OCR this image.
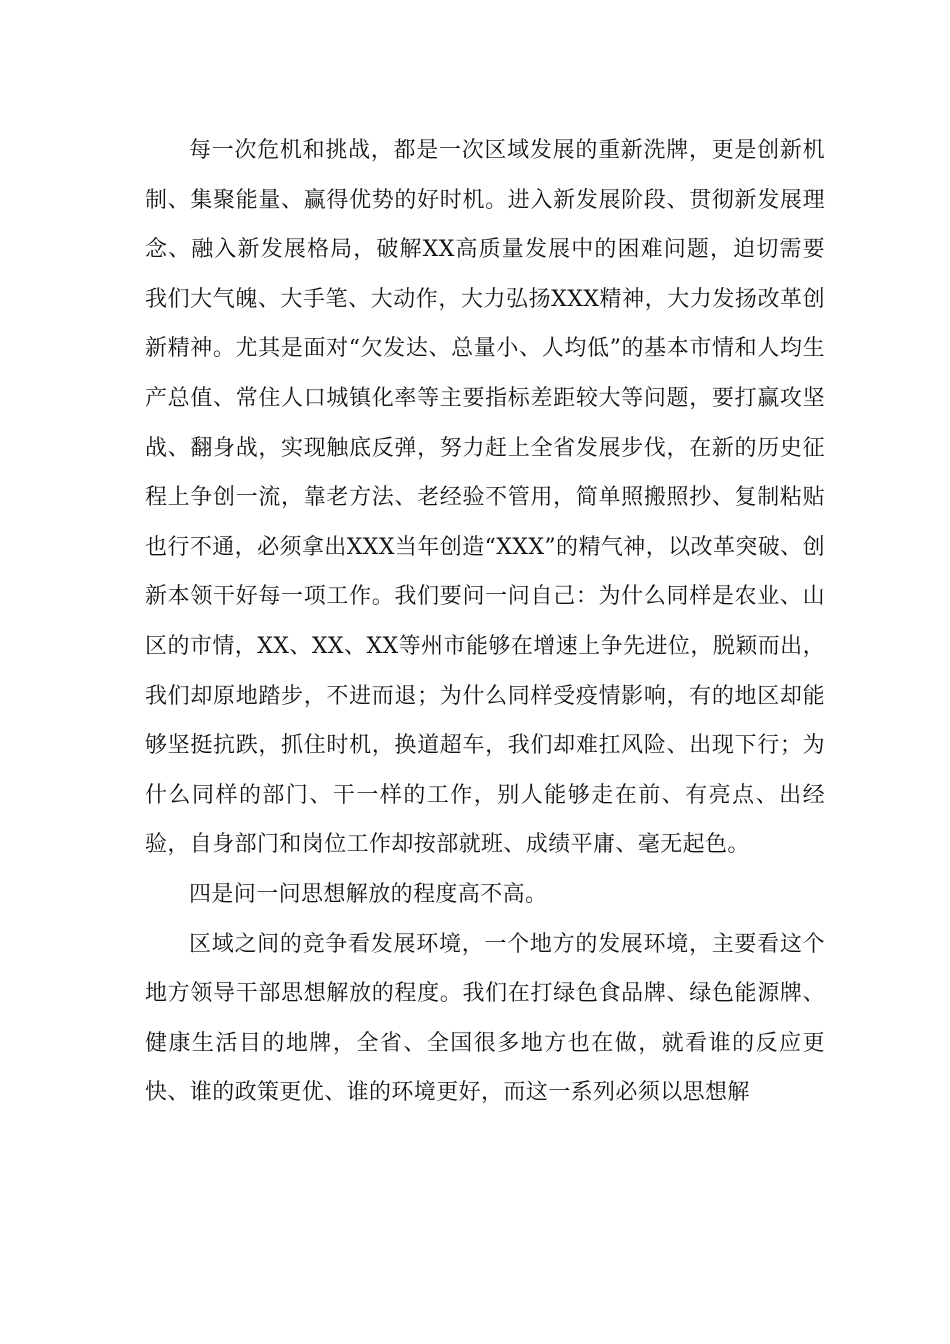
每一次危机和挑战，都是一次区域发展的重新洗牌，更是创新机制、集聚能量、赢得优势的好时机。进入新发展阶段、贯彻新发展理念、融入新发展格局，破解XX高质量发展中的困难问题，迫切需要我们大气魄、大手笔、大动作，大力弘扬XXX精神，大力发扬改革创新精神。尤其是面对“欠发达、总量小、人均低”的基本市情和人均生产总值、常住人口城镇化率等主要指标差距较大等问题，要打赢攻坚战、翻身战，实现触底反弹，努力赶上全省发展步伐，在新的历史征程上争创一流，靠老方法、老经验不管用，简单照搬照抄、复制粘贴也行不通，必须拿出XXX当年创造“XXX”的精气神，以改革突破、创新本领干好每一项工作。我们要问一问自己：为什么同样是农业、山区的市情，XX、XX、XX等州市能够在增速上争先进位，脱颖而出，我们却原地踏步，不进而退；为什么同样受疫情影响，有的地区却能够坚挺抗跌，抓住时机，换道超车，我们却难扛风险、出现下行；为什么同样的部门、干一样的工作，别人能够走在前、有亮点、出经验，自身部门和岗位工作却按部就班、成绩平庸、毫无起色。

四是问一问思想解放的程度高不高。

区域之间的竞争看发展环境，一个地方的发展环境，主要看这个地方领导干部思想解放的程度。我们在打绿色食品牌、绿色能源牌、健康生活目的地牌，全省、全国很多地方也在做，就看谁的反应更快、谁的政策更优、谁的环境更好，而这一系列必须以思想解
